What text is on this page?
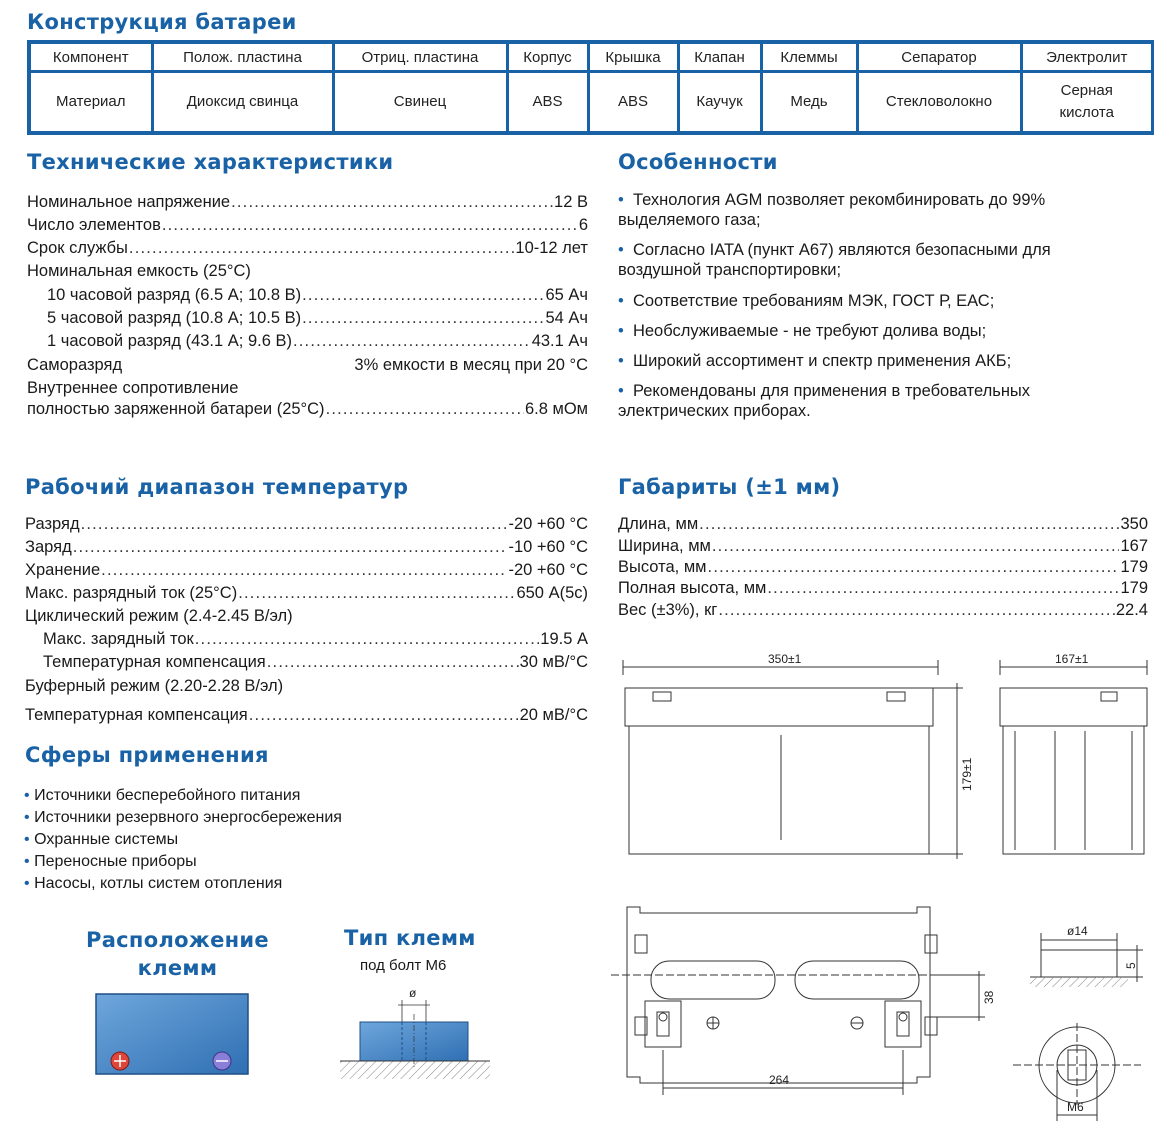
Конструкция батареи
Компонент	Полож. пластина	Отриц. пластина	Корпус	Крышка	Клапан	Клеммы	Сепаратор	Электролит
Материал	Диоксид свинца	Свинец	ABS	ABS	Каучук	Медь	Стекловолокно	Серная кислота
Технические характеристики
Номинальное напряжение .....	12 В
Число элементов .....	6
Срок службы .....	10-12 лет
Номинальная емкость (25°С)
10 часовой разряд (6.5 А; 10.8 В) .....	65 Ач
5 часовой разряд (10.8 А; 10.5 В) .....	54 Ач
1 часовой разряд (43.1 А; 9.6 В) .....	43.1 Ач
Саморазряд	3% емкости в месяц при 20 °С
Внутреннее сопротивление
полностью заряженной батареи (25°С) .....	6.8 мОм
Особенности
• Технология AGM позволяет рекомбинировать до 99% выделяемого газа;
• Согласно IATA (пункт А67) являются безопасными для воздушной транспортировки;
• Соответствие требованиям МЭК, ГОСТ Р, ЕАС;
• Необслуживаемые - не требуют долива воды;
• Широкий ассортимент и спектр применения АКБ;
• Рекомендованы для применения в требовательных электрических приборах.
Рабочий диапазон температур
Разряд .....	-20 +60 °С
Заряд .....	-10 +60 °С
Хранение .....	-20 +60 °С
Макс. разрядный ток (25°С) .....	650 А(5с)
Циклический режим (2.4-2.45 В/эл)
Макс. зарядный ток .....	19.5 А
Температурная компенсация .....	30 мВ/°С
Буферный режим (2.20-2.28 В/эл)
Температурная компенсация .....	20 мВ/°С
Габариты (±1 мм)
Длина, мм .....	350
Ширина, мм .....	167
Высота, мм .....	179
Полная высота, мм .....	179
Вес (±3%), кг .....	22.4
Сферы применения
• Источники бесперебойного питания
• Источники резервного энергосбережения
• Охранные системы
• Переносные приборы
• Насосы, котлы систем отопления
Расположение
клемм
Тип клемм
под болт М6
ø
350±1	167±1
179±1
38
264
ø14
5
М6
